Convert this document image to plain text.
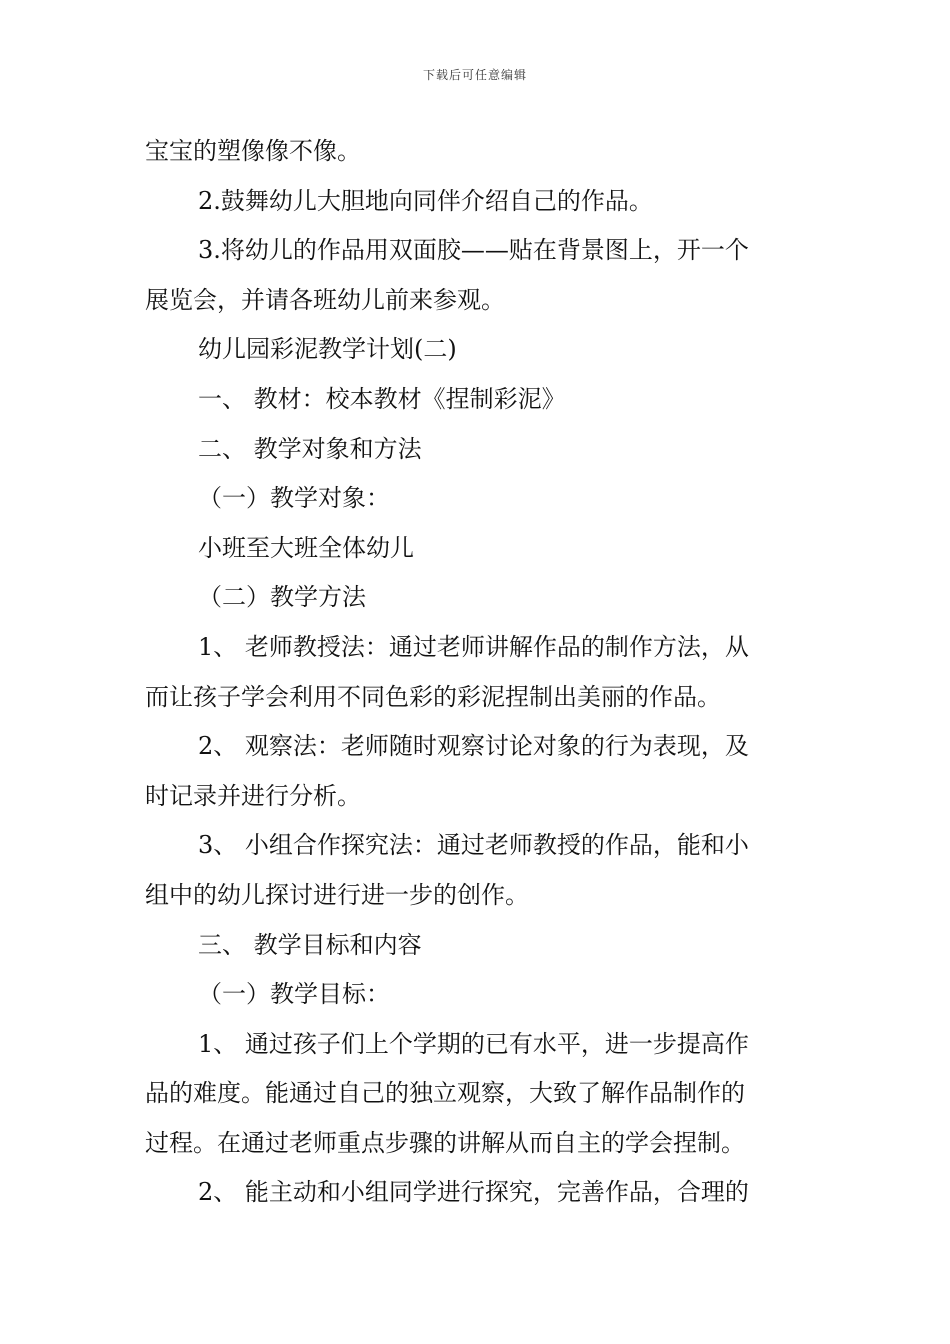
下载后可任意编辑
宝宝的塑像像不像。
2.鼓舞幼儿大胆地向同伴介绍自己的作品。
3.将幼儿的作品用双面胶——贴在背景图上，开一个
展览会，并请各班幼儿前来参观。
幼儿园彩泥教学计划(二)
一、 教材：校本教材《捏制彩泥》
二、 教学对象和方法
（一）教学对象：
小班至大班全体幼儿
（二）教学方法
1、 老师教授法：通过老师讲解作品的制作方法，从
而让孩子学会利用不同色彩的彩泥捏制出美丽的作品。
2、 观察法：老师随时观察讨论对象的行为表现，及
时记录并进行分析。
3、 小组合作探究法：通过老师教授的作品，能和小
组中的幼儿探讨进行进一步的创作。
三、 教学目标和内容
（一）教学目标：
1、 通过孩子们上个学期的已有水平，进一步提高作
品的难度。能通过自己的独立观察，大致了解作品制作的
过程。在通过老师重点步骤的讲解从而自主的学会捏制。
2、 能主动和小组同学进行探究，完善作品，合理的
